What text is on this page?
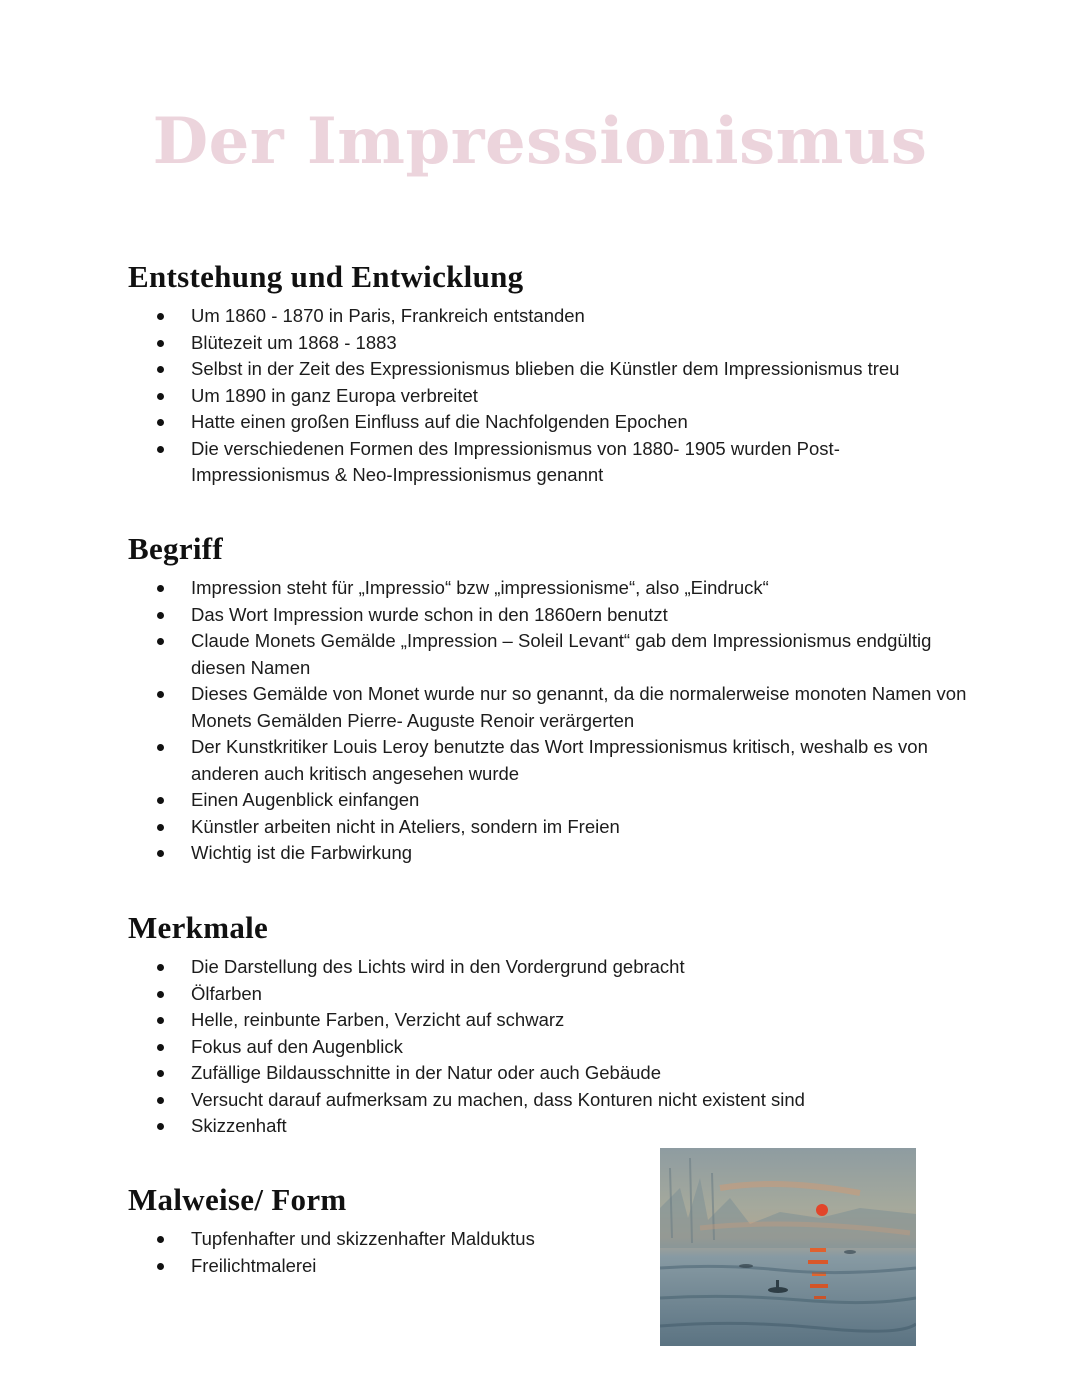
Der Impressionismus
Entstehung und Entwicklung
Um 1860 - 1870 in Paris, Frankreich entstanden
Blütezeit um 1868 - 1883
Selbst in der Zeit des Expressionismus blieben die Künstler dem Impressionismus treu
Um 1890 in ganz Europa verbreitet
Hatte einen großen Einfluss auf die Nachfolgenden Epochen
Die verschiedenen Formen des Impressionismus von 1880- 1905 wurden Post-Impressionismus & Neo-Impressionismus genannt
Begriff
Impression steht für „Impressio“ bzw „impressionisme“, also „Eindruck“
Das Wort Impression wurde schon in den 1860ern benutzt
Claude Monets Gemälde „Impression – Soleil Levant“ gab dem Impressionismus endgültig diesen Namen
Dieses Gemälde von Monet wurde nur so genannt, da die normalerweise monoten Namen von Monets Gemälden Pierre- Auguste Renoir verärgerten
Der Kunstkritiker Louis Leroy benutzte das Wort Impressionismus kritisch, weshalb es von anderen auch kritisch angesehen wurde
Einen Augenblick einfangen
Künstler arbeiten nicht in Ateliers, sondern im Freien
Wichtig ist die Farbwirkung
Merkmale
Die Darstellung des Lichts wird in den Vordergrund gebracht
Ölfarben
Helle, reinbunte Farben, Verzicht auf schwarz
Fokus auf den Augenblick
Zufällige Bildausschnitte in der Natur oder auch Gebäude
Versucht darauf aufmerksam zu machen, dass Konturen nicht existent sind
Skizzenhaft
Malweise/ Form
Tupfenhafter und skizzenhafter Malduktus
Freilichtmalerei
